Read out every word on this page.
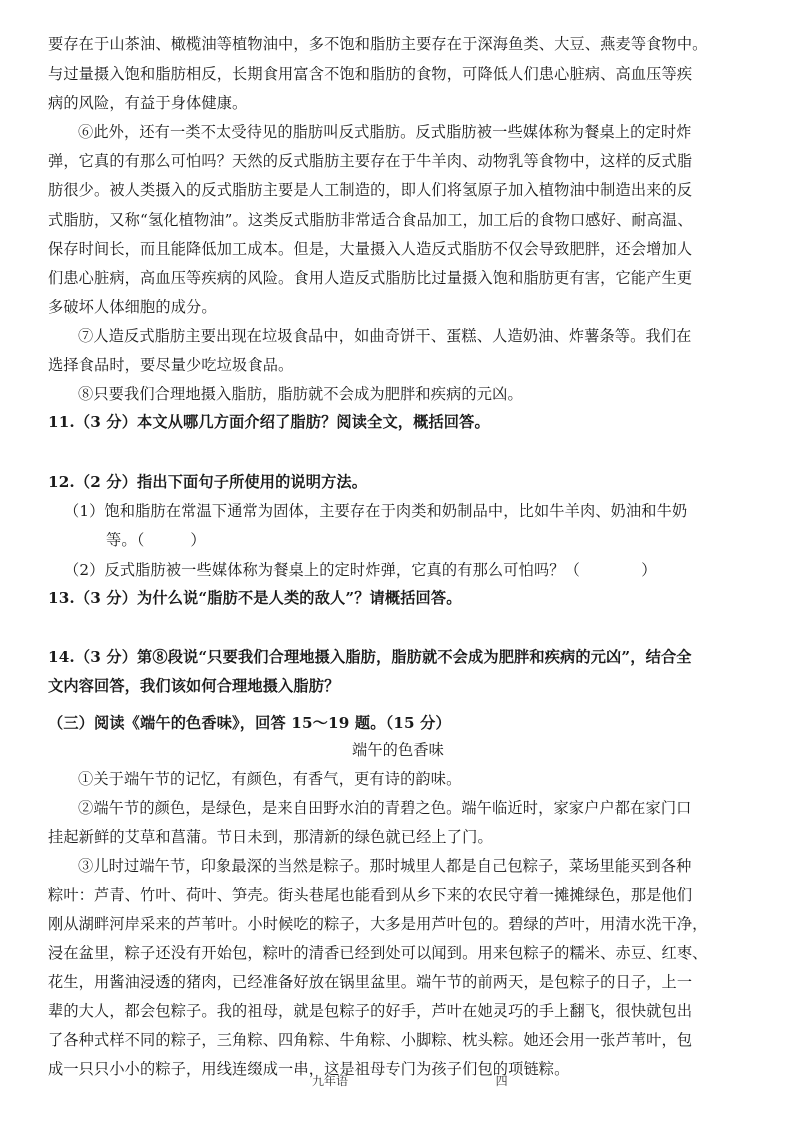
要存在于山茶油、橄榄油等植物油中，多不饱和脂肪主要存在于深海鱼类、大豆、燕麦等食物中。
与过量摄入饱和脂肪相反，长期食用富含不饱和脂肪的食物，可降低人们患心脏病、高血压等疾
病的风险，有益于身体健康。
⑥此外，还有一类不太受待见的脂肪叫反式脂肪。反式脂肪被一些媒体称为餐桌上的定时炸
弹，它真的有那么可怕吗？天然的反式脂肪主要存在于牛羊肉、动物乳等食物中，这样的反式脂
肪很少。被人类摄入的反式脂肪主要是人工制造的，即人们将氢原子加入植物油中制造出来的反
式脂肪，又称“氢化植物油”。这类反式脂肪非常适合食品加工，加工后的食物口感好、耐高温、
保存时间长，而且能降低加工成本。但是，大量摄入人造反式脂肪不仅会导致肥胖，还会增加人
们患心脏病，高血压等疾病的风险。食用人造反式脂肪比过量摄入饱和脂肪更有害，它能产生更
多破坏人体细胞的成分。
⑦人造反式脂肪主要出现在垃圾食品中，如曲奇饼干、蛋糕、人造奶油、炸薯条等。我们在
选择食品时，要尽量少吃垃圾食品。
⑧只要我们合理地摄入脂肪，脂肪就不会成为肥胖和疾病的元凶。
11.（3 分）本文从哪几方面介绍了脂肪？阅读全文，概括回答。
12.（2 分）指出下面句子所使用的说明方法。
（1）饱和脂肪在常温下通常为固体，主要存在于肉类和奶制品中，比如牛羊肉、奶油和牛奶
等。（　　　）
（2）反式脂肪被一些媒体称为餐桌上的定时炸弹，它真的有那么可怕吗？（　　　　）
13.（3 分）为什么说“脂肪不是人类的敌人”？请概括回答。
14.（3 分）第⑧段说“只要我们合理地摄入脂肪，脂肪就不会成为肥胖和疾病的元凶”，结合全
文内容回答，我们该如何合理地摄入脂肪？
（三）阅读《端午的色香味》，回答 15～19 题。（15 分）
端午的色香味
①关于端午节的记忆，有颜色，有香气，更有诗的韵味。
②端午节的颜色，是绿色，是来自田野水泊的青碧之色。端午临近时，家家户户都在家门口
挂起新鲜的艾草和菖蒲。节日未到，那清新的绿色就已经上了门。
③儿时过端午节，印象最深的当然是粽子。那时城里人都是自己包粽子，菜场里能买到各种
粽叶：芦青、竹叶、荷叶、笋壳。街头巷尾也能看到从乡下来的农民守着一摊摊绿色，那是他们
刚从湖畔河岸采来的芦苇叶。小时候吃的粽子，大多是用芦叶包的。碧绿的芦叶，用清水洗干净，
浸在盆里，粽子还没有开始包，粽叶的清香已经到处可以闻到。用来包粽子的糯米、赤豆、红枣、
花生，用酱油浸透的猪肉，已经准备好放在锅里盆里。端午节的前两天，是包粽子的日子，上一
辈的大人，都会包粽子。我的祖母，就是包粽子的好手，芦叶在她灵巧的手上翻飞，很快就包出
了各种式样不同的粽子，三角粽、四角粽、牛角粽、小脚粽、枕头粽。她还会用一张芦苇叶，包
成一只只小小的粽子，用线连缀成一串，这是祖母专门为孩子们包的项链粽。
九年语	四
